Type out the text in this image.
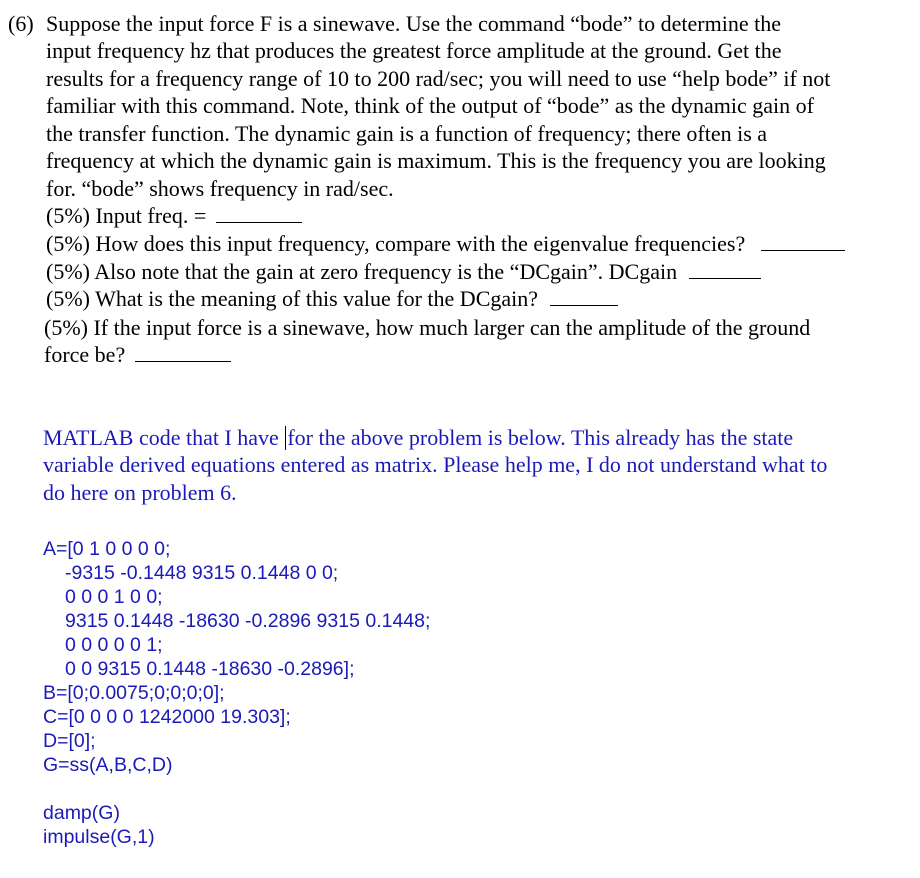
(6) Suppose the input force F is a sinewave. Use the command “bode” to determine the
input frequency hz that produces the greatest force amplitude at the ground. Get the
results for a frequency range of 10 to 200 rad/sec; you will need to use “help bode” if not
familiar with this command. Note, think of the output of “bode” as the dynamic gain of
the transfer function. The dynamic gain is a function of frequency; there often is a
frequency at which the dynamic gain is maximum. This is the frequency you are looking
for. “bode” shows frequency in rad/sec.
(5%) Input freq. =
(5%) How does this input frequency, compare with the eigenvalue frequencies?
(5%) Also note that the gain at zero frequency is the “DCgain”. DCgain
(5%) What is the meaning of this value for the DCgain?
(5%) If the input force is a sinewave, how much larger can the amplitude of the ground
force be?
MATLAB code that I have for the above problem is below. This already has the state
variable derived equations entered as matrix. Please help me, I do not understand what to
do here on problem 6.
A=[0 1 0 0 0 0;
-9315 -0.1448 9315 0.1448 0 0;
0 0 0 1 0 0;
9315 0.1448 -18630 -0.2896 9315 0.1448;
0 0 0 0 0 1;
0 0 9315 0.1448 -18630 -0.2896];
B=[0;0.0075;0;0;0;0];
C=[0 0 0 0 1242000 19.303];
D=[0];
G=ss(A,B,C,D)
damp(G)
impulse(G,1)
